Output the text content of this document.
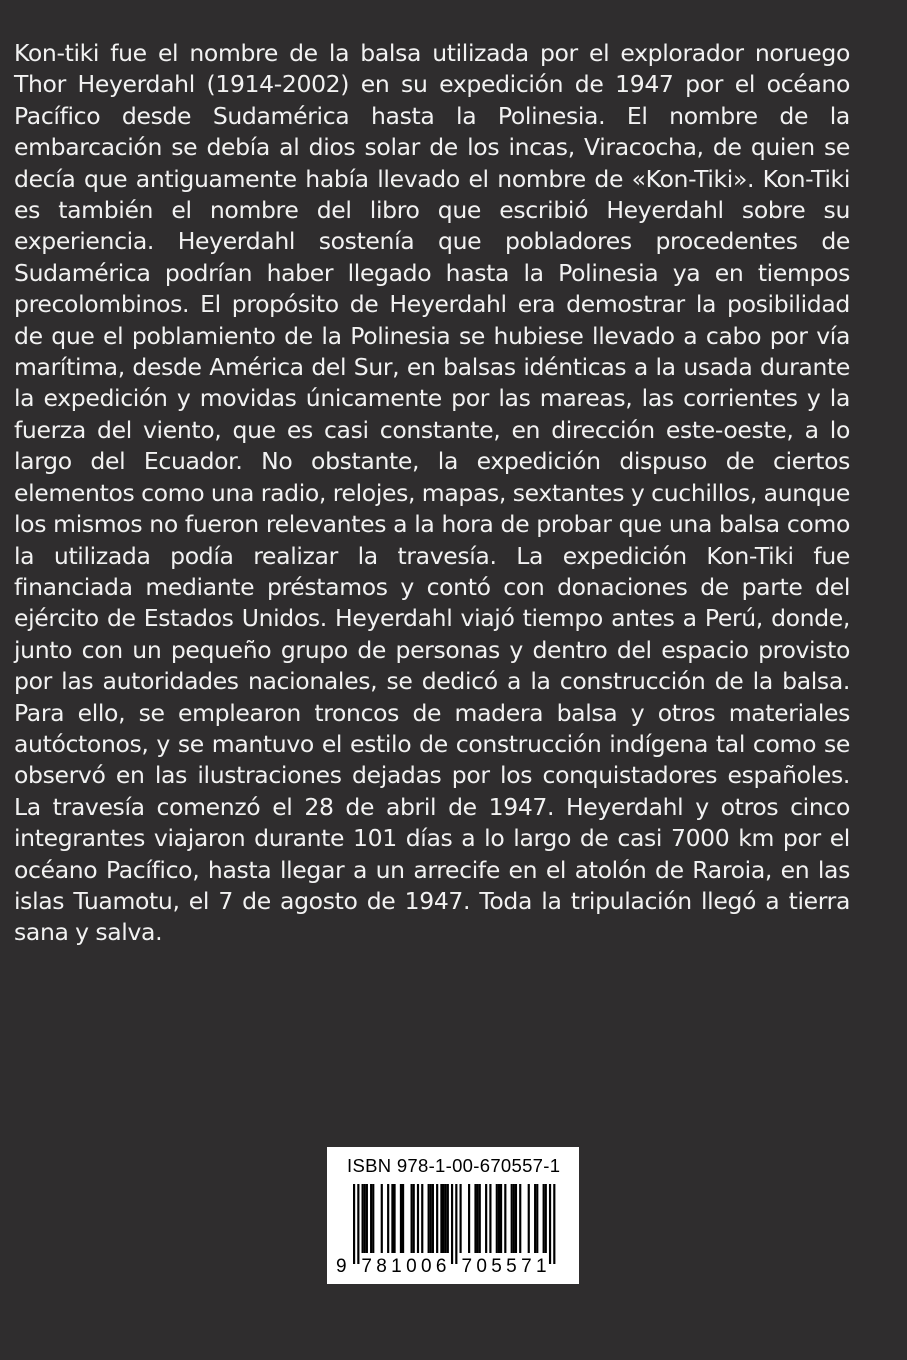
Kon-tiki fue el nombre de la balsa utilizada por el explorador noruego Thor Heyerdahl (1914-2002) en su expedición de 1947 por el océano Pacífico desde Sudamérica hasta la Polinesia. El nombre de la embarcación se debía al dios solar de los incas, Viracocha, de quien se decía que antiguamente había llevado el nombre de «Kon-Tiki». Kon-Tiki es también el nombre del libro que escribió Heyerdahl sobre su experiencia. Heyerdahl sostenía que pobladores procedentes de Sudamérica podrían haber llegado hasta la Polinesia ya en tiempos precolombinos. El propósito de Heyerdahl era demostrar la posibilidad de que el poblamiento de la Polinesia se hubiese llevado a cabo por vía marítima, desde América del Sur, en balsas idénticas a la usada durante la expedición y movidas únicamente por las mareas, las corrientes y la fuerza del viento, que es casi constante, en dirección este-oeste, a lo largo del Ecuador. No obstante, la expedición dispuso de ciertos elementos como una radio, relojes, mapas, sextantes y cuchillos, aunque los mismos no fueron relevantes a la hora de probar que una balsa como la utilizada podía realizar la travesía. La expedición Kon-Tiki fue financiada mediante préstamos y contó con donaciones de parte del ejército de Estados Unidos. Heyerdahl viajó tiempo antes a Perú, donde, junto con un pequeño grupo de personas y dentro del espacio provisto por las autoridades nacionales, se dedicó a la construcción de la balsa. Para ello, se emplearon troncos de madera balsa y otros materiales autóctonos, y se mantuvo el estilo de construcción indígena tal como se observó en las ilustraciones dejadas por los conquistadores españoles. La travesía comenzó el 28 de abril de 1947. Heyerdahl y otros cinco integrantes viajaron durante 101 días a lo largo de casi 7000 km por el océano Pacífico, hasta llegar a un arrecife en el atolón de Raroia, en las islas Tuamotu, el 7 de agosto de 1947. Toda la tripulación llegó a tierra sana y salva.

ISBN 978-1-00-670557-1
9 7 8 1 0 0 6 7 0 5 5 7 1
